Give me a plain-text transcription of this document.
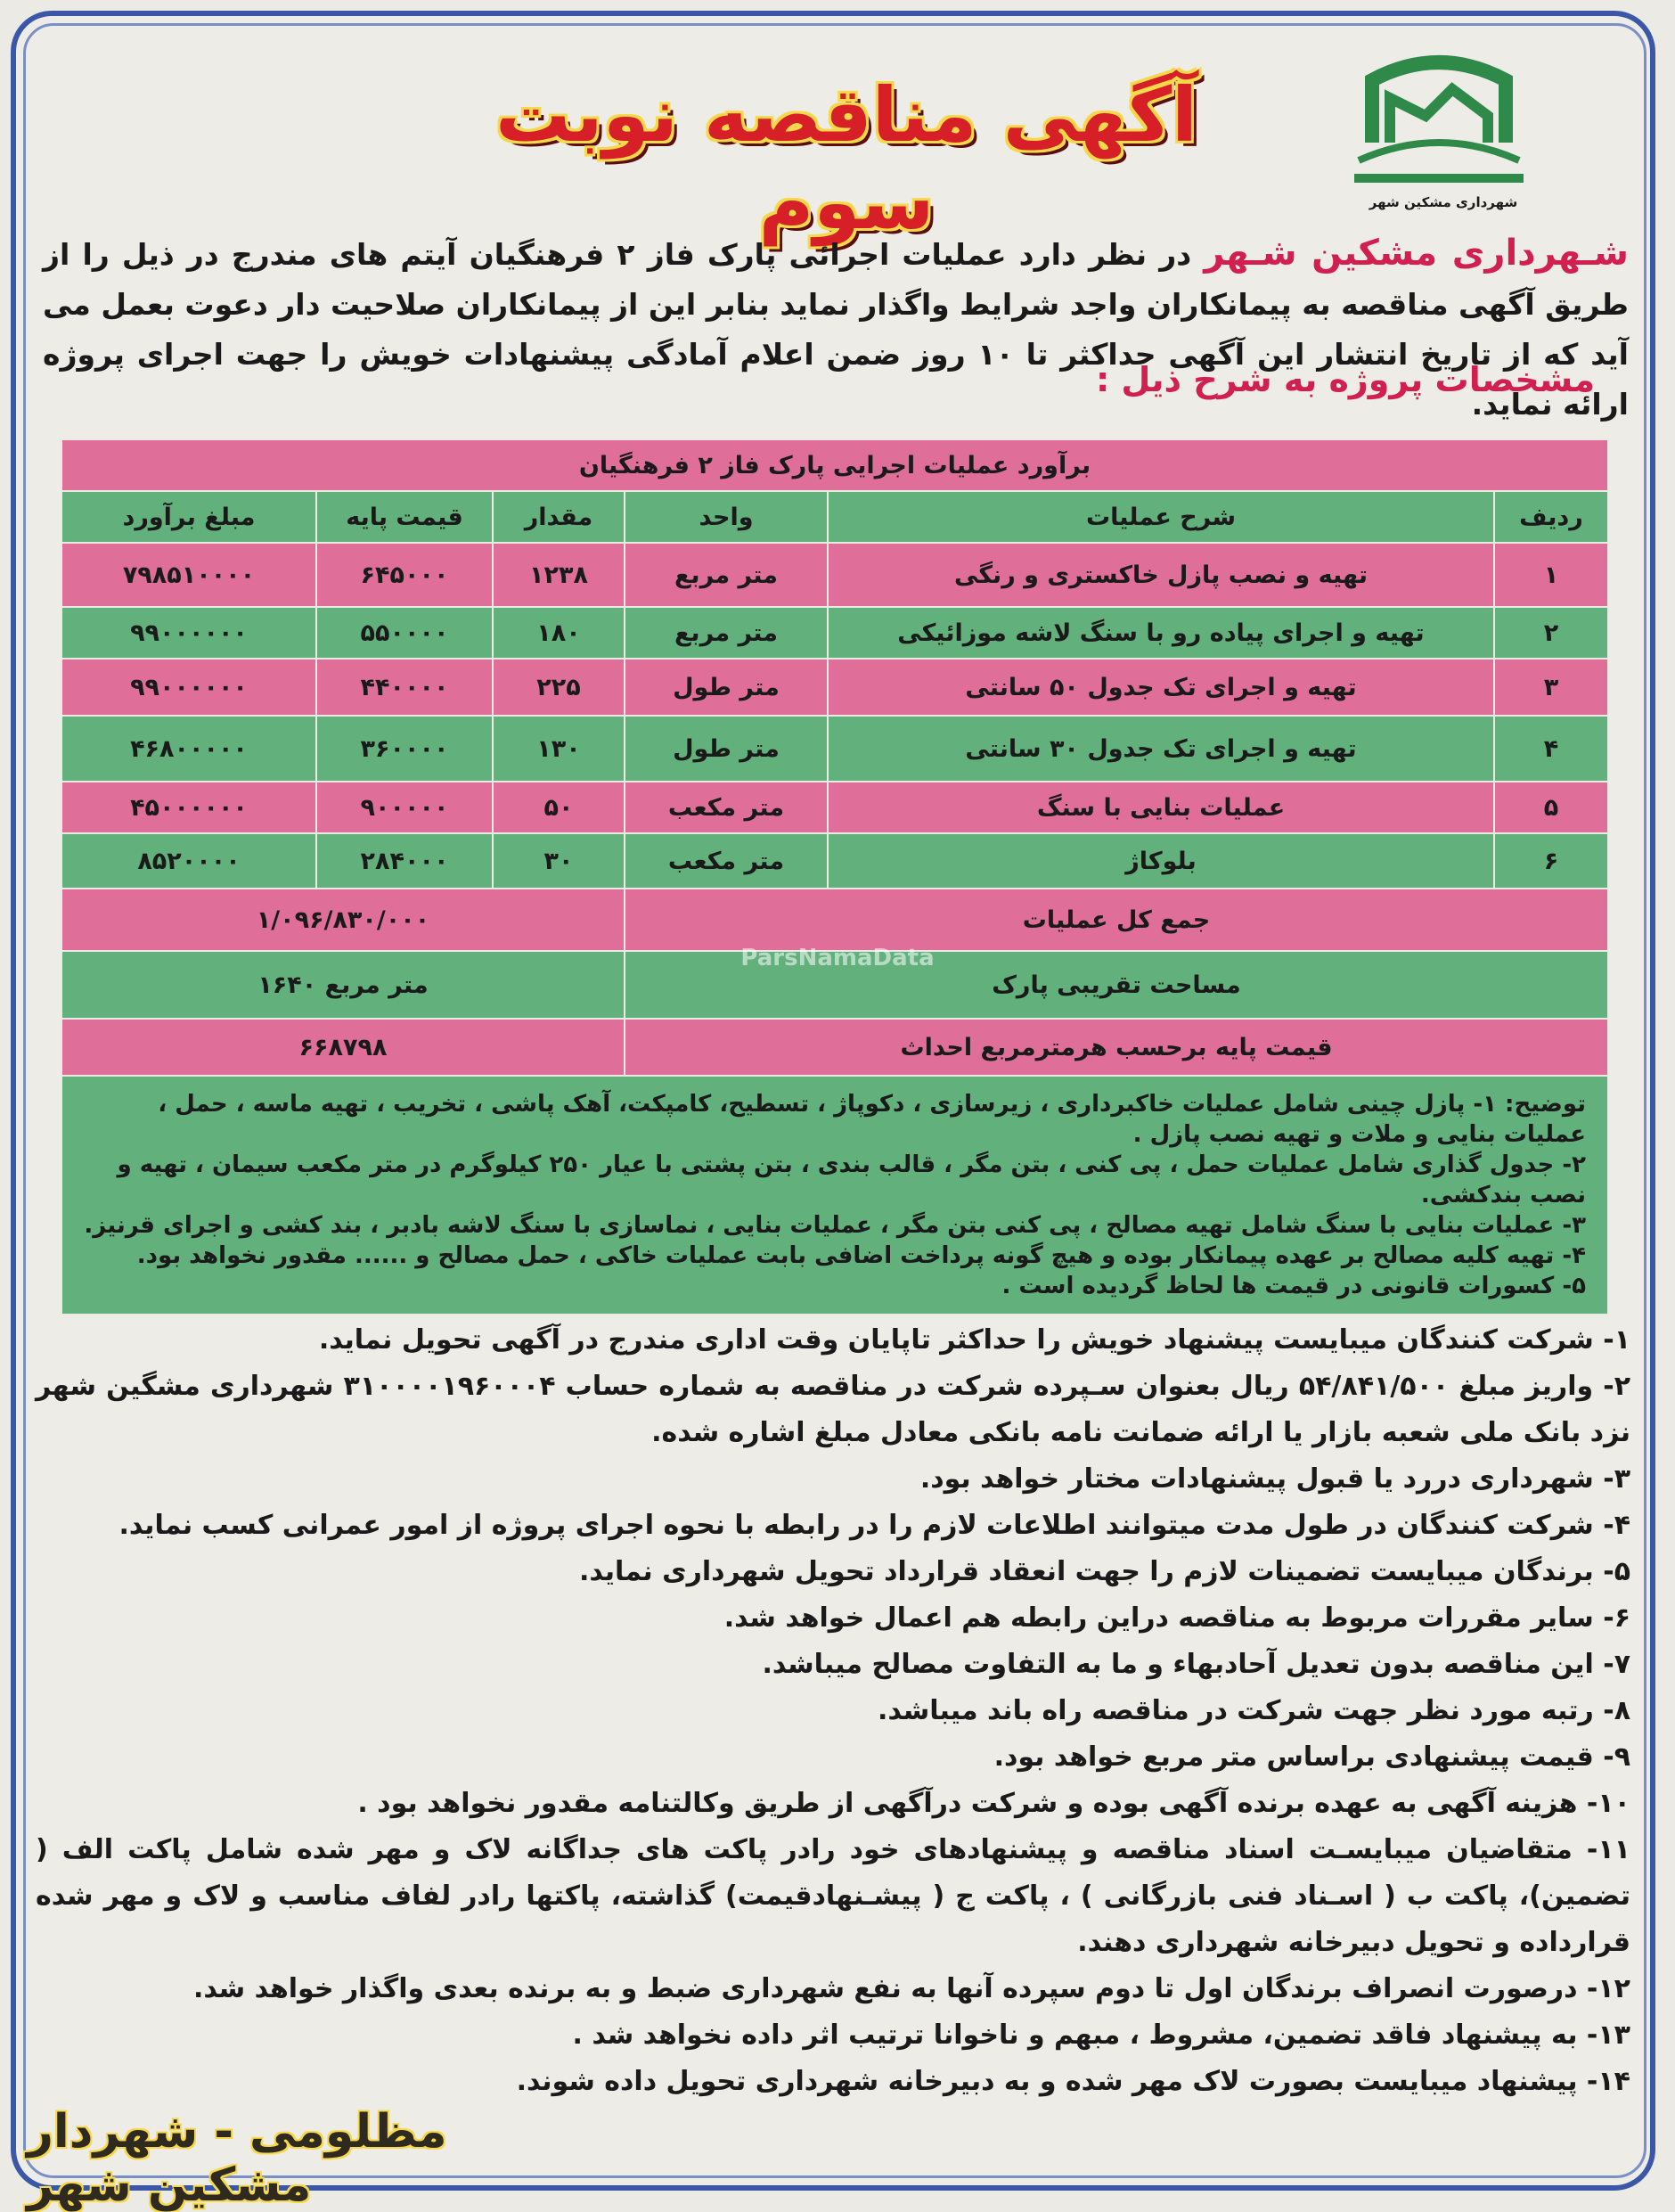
آگهی مناقصه نوبت سوم	شهرداری مشکین شهر
شـهرداری مشکین شـهر در نظر دارد عملیات اجرائی پارک فاز ۲ فرهنگیان آیتم های مندرج در ذیل را از طریق آگهی مناقصه به پیمانکاران واجد شرایط واگذار نماید بنابر این از پیمانکاران صلاحیت دار دعوت بعمل می آید که از تاریخ انتشار این آگهی حداکثر تا ۱۰ روز ضمن اعلام آمادگی پیشنهادات خویش را جهت اجرای پروژه ارائه نماید.
مشخصات پروژه به شرح ذیل :
برآورد عملیات اجرایی پارک فاز ۲ فرهنگیان					
ردیف	شرح عملیات	واحد	مقدار	قیمت پایه	مبلغ برآورد
۱	تهیه و نصب پازل خاکستری و رنگی	متر مربع	۱۲۳۸	۶۴۵۰۰۰	۷۹۸۵۱۰۰۰۰
۲	تهیه و اجرای پیاده رو با سنگ لاشه موزائیکی	متر مربع	۱۸۰	۵۵۰۰۰۰	۹۹۰۰۰۰۰۰
۳	تهیه و اجرای تک جدول ۵۰ سانتی	متر طول	۲۲۵	۴۴۰۰۰۰	۹۹۰۰۰۰۰۰
۴	تهیه و اجرای تک جدول ۳۰ سانتی	متر طول	۱۳۰	۳۶۰۰۰۰	۴۶۸۰۰۰۰۰
۵	عملیات بنایی با سنگ	متر مکعب	۵۰	۹۰۰۰۰۰	۴۵۰۰۰۰۰۰
۶	بلوکاژ	متر مکعب	۳۰	۲۸۴۰۰۰	۸۵۲۰۰۰۰
جمع کل عملیات			۱/۰۹۶/۸۳۰/۰۰۰		
مساحت تقریبی پارک			متر مربع ۱۶۴۰		
قیمت پایه برحسب هرمترمربع احداث			۶۶۸۷۹۸		

توضیح: ۱- پازل چینی شامل عملیات خاکبرداری ، زیرسازی ، دکوپاژ ، تسطیح، کامپکت، آهک پاشی ، تخریب ، تهیه ماسه ، حمل ، عملیات بنایی و ملات و تهیه نصب پازل .
۲- جدول گذاری شامل عملیات حمل ، پی کنی ، بتن مگر ، قالب بندی ، بتن پشتی با عیار ۲۵۰ کیلوگرم در متر مکعب سیمان ، تهیه و نصب بندکشی.
۳- عملیات بنایی با سنگ شامل تهیه مصالح ، پی کنی بتن مگر ، عملیات بنایی ، نماسازی با سنگ لاشه بادبر ، بند کشی و اجرای قرنیز.
۴- تهیه کلیه مصالح بر عهده پیمانکار بوده و هیچ گونه پرداخت اضافی بابت عملیات خاکی ، حمل مصالح و ...... مقدور نخواهد بود.
۵- کسورات قانونی در قیمت ها لحاظ گردیده است .					
ParsNamaData

۱- شرکت کنندگان میبایست پیشنهاد خویش را حداکثر تاپایان وقت اداری مندرج در آگهی تحویل نماید.

۲- واریز مبلغ ۵۴/۸۴۱/۵۰۰ ریال بعنوان سـپرده شرکت در مناقصه به شماره حساب ۳۱۰۰۰۰۱۹۶۰۰۰۴ شهرداری مشگین شهر نزد بانک ملی شعبه بازار یا ارائه ضمانت نامه بانکی معادل مبلغ اشاره شده.

۳- شهرداری دررد یا قبول پیشنهادات مختار خواهد بود.

۴- شرکت کنندگان در طول مدت میتوانند اطلاعات لازم را در رابطه با نحوه اجرای پروژه از امور عمرانی کسب نماید.

۵- برندگان میبایست تضمینات لازم را جهت انعقاد قرارداد تحویل شهرداری نماید.

۶- سایر مقررات مربوط به مناقصه دراین رابطه هم اعمال خواهد شد.

۷- این مناقصه بدون تعدیل آحادبهاء و ما به التفاوت مصالح میباشد.

۸- رتبه مورد نظر جهت شرکت در مناقصه راه باند میباشد.

۹- قیمت پیشنهادی براساس متر مربع خواهد بود.

۱۰- هزینه آگهی به عهده برنده آگهی بوده و شرکت درآگهی از طریق وکالتنامه مقدور نخواهد بود .

۱۱- متقاضیان میبایسـت اسناد مناقصه و پیشنهادهای خود رادر پاکت های جداگانه لاک و مهر شده شامل پاکت الف ( تضمین)، پاکت ب ( اسـناد فنی بازرگانی ) ، پاکت ج ( پیشـنهادقیمت) گذاشته، پاکتها رادر لفاف مناسب و لاک و مهر شده قرارداده و تحویل دبیرخانه شهرداری دهند.

۱۲- درصورت انصراف برندگان اول تا دوم سپرده آنها به نفع شهرداری ضبط و به برنده بعدی واگذار خواهد شد.

۱۳- به پیشنهاد فاقد تضمین، مشروط ، مبهم و ناخوانا ترتیب اثر داده نخواهد شد .

۱۴- پیشنهاد میبایست بصورت لاک مهر شده و به دبیرخانه شهرداری تحویل داده شوند.

مظلومی - شهردار مشکین شهر
